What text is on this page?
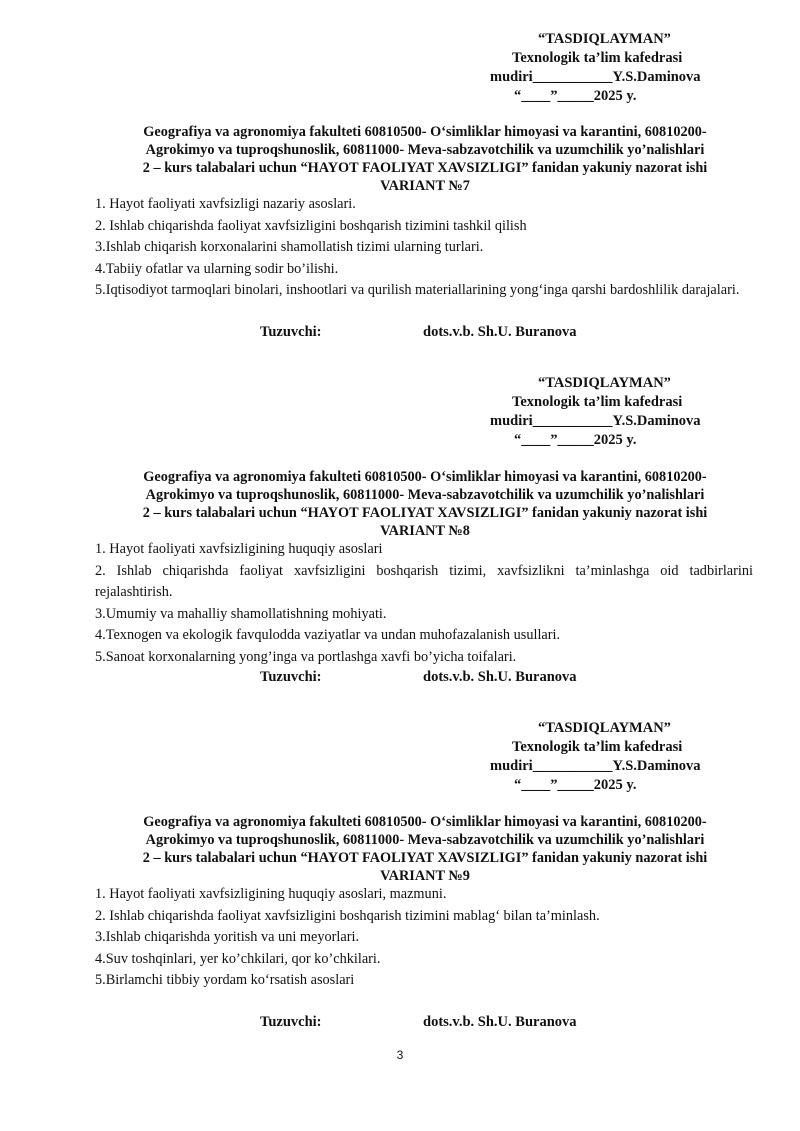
“TASDIQLAYMAN”
Texnologik ta’lim kafedrasi
mudiri___________Y.S.Daminova
“____”_____2025 y.
Geografiya va agronomiya fakulteti 60810500- O‘simliklar himoyasi va karantini, 60810200-
Agrokimyo va tuproqshunoslik, 60811000- Meva-sabzavotchilik va uzumchilik yo’nalishlari
2 – kurs talabalari uchun “HAYOT FAOLIYAT XAVSIZLIGI” fanidan yakuniy nazorat ishi
VARIANT №7

1. Hayot faoliyati xavfsizligi nazariy asoslari.

2. Ishlab chiqarishda faoliyat xavfsizligini boshqarish tizimini tashkil qilish

3.Ishlab chiqarish korxonalarini shamollatish tizimi ularning turlari.

4.Tabiiy ofatlar va ularning sodir bo’ilishi.

5.Iqtisodiyot tarmoqlari binolari, inshootlari va qurilish materiallarining yong‘inga qarshi bardoshlilik darajalari.

Tuzuvchi:	dots.v.b. Sh.U. Buranova
“TASDIQLAYMAN”
Texnologik ta’lim kafedrasi
mudiri___________Y.S.Daminova
“____”_____2025 y.
Geografiya va agronomiya fakulteti 60810500- O‘simliklar himoyasi va karantini, 60810200-
Agrokimyo va tuproqshunoslik, 60811000- Meva-sabzavotchilik va uzumchilik yo’nalishlari
2 – kurs talabalari uchun “HAYOT FAOLIYAT XAVSIZLIGI” fanidan yakuniy nazorat ishi
VARIANT №8

1. Hayot faoliyati xavfsizligining huquqiy asoslari

2. Ishlab chiqarishda faoliyat xavfsizligini boshqarish tizimi, xavfsizlikni ta’minlashga oid tadbirlarini rejalashtirish.

3.Umumiy va mahalliy shamollatishning mohiyati.

4.Texnogen va ekologik favqulodda vaziyatlar va undan muhofazalanish usullari.

5.Sanoat korxonalarning yong’inga va portlashga xavfi bo’yicha toifalari.

Tuzuvchi:	dots.v.b. Sh.U. Buranova
“TASDIQLAYMAN”
Texnologik ta’lim kafedrasi
mudiri___________Y.S.Daminova
“____”_____2025 y.
Geografiya va agronomiya fakulteti 60810500- O‘simliklar himoyasi va karantini, 60810200-
Agrokimyo va tuproqshunoslik, 60811000- Meva-sabzavotchilik va uzumchilik yo’nalishlari
2 – kurs talabalari uchun “HAYOT FAOLIYAT XAVSIZLIGI” fanidan yakuniy nazorat ishi
VARIANT №9

1. Hayot faoliyati xavfsizligining huquqiy asoslari, mazmuni.

2. Ishlab chiqarishda faoliyat xavfsizligini boshqarish tizimini mablag‘ bilan ta’minlash.

3.Ishlab chiqarishda yoritish va uni meyorlari.

4.Suv toshqinlari, yer ko’chkilari, qor ko’chkilari.

5.Birlamchi tibbiy yordam ko‘rsatish asoslari

Tuzuvchi:	dots.v.b. Sh.U. Buranova
3
